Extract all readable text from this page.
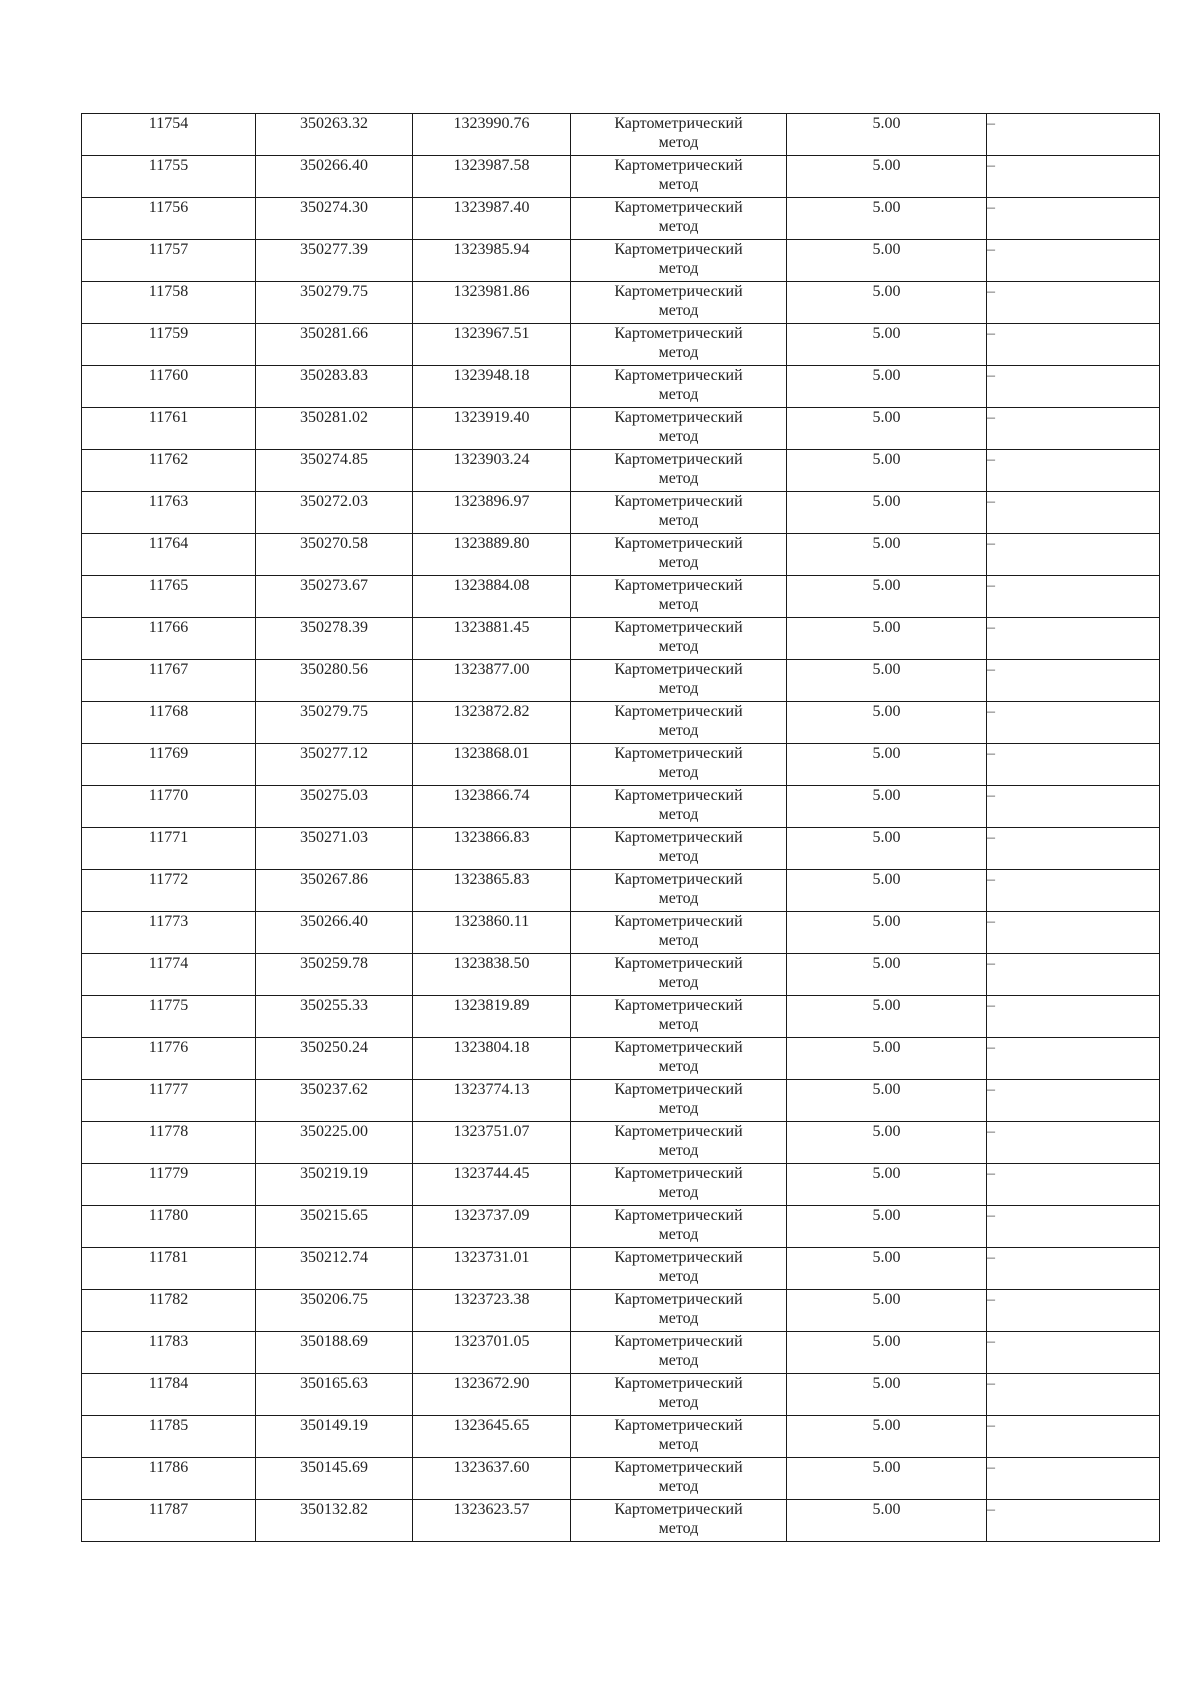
11754	350263.32	1323990.76	Картометрический
метод	5.00	–
11755	350266.40	1323987.58	Картометрический
метод	5.00	–
11756	350274.30	1323987.40	Картометрический
метод	5.00	–
11757	350277.39	1323985.94	Картометрический
метод	5.00	–
11758	350279.75	1323981.86	Картометрический
метод	5.00	–
11759	350281.66	1323967.51	Картометрический
метод	5.00	–
11760	350283.83	1323948.18	Картометрический
метод	5.00	–
11761	350281.02	1323919.40	Картометрический
метод	5.00	–
11762	350274.85	1323903.24	Картометрический
метод	5.00	–
11763	350272.03	1323896.97	Картометрический
метод	5.00	–
11764	350270.58	1323889.80	Картометрический
метод	5.00	–
11765	350273.67	1323884.08	Картометрический
метод	5.00	–
11766	350278.39	1323881.45	Картометрический
метод	5.00	–
11767	350280.56	1323877.00	Картометрический
метод	5.00	–
11768	350279.75	1323872.82	Картометрический
метод	5.00	–
11769	350277.12	1323868.01	Картометрический
метод	5.00	–
11770	350275.03	1323866.74	Картометрический
метод	5.00	–
11771	350271.03	1323866.83	Картометрический
метод	5.00	–
11772	350267.86	1323865.83	Картометрический
метод	5.00	–
11773	350266.40	1323860.11	Картометрический
метод	5.00	–
11774	350259.78	1323838.50	Картометрический
метод	5.00	–
11775	350255.33	1323819.89	Картометрический
метод	5.00	–
11776	350250.24	1323804.18	Картометрический
метод	5.00	–
11777	350237.62	1323774.13	Картометрический
метод	5.00	–
11778	350225.00	1323751.07	Картометрический
метод	5.00	–
11779	350219.19	1323744.45	Картометрический
метод	5.00	–
11780	350215.65	1323737.09	Картометрический
метод	5.00	–
11781	350212.74	1323731.01	Картометрический
метод	5.00	–
11782	350206.75	1323723.38	Картометрический
метод	5.00	–
11783	350188.69	1323701.05	Картометрический
метод	5.00	–
11784	350165.63	1323672.90	Картометрический
метод	5.00	–
11785	350149.19	1323645.65	Картометрический
метод	5.00	–
11786	350145.69	1323637.60	Картометрический
метод	5.00	–
11787	350132.82	1323623.57	Картометрический
метод	5.00	–
